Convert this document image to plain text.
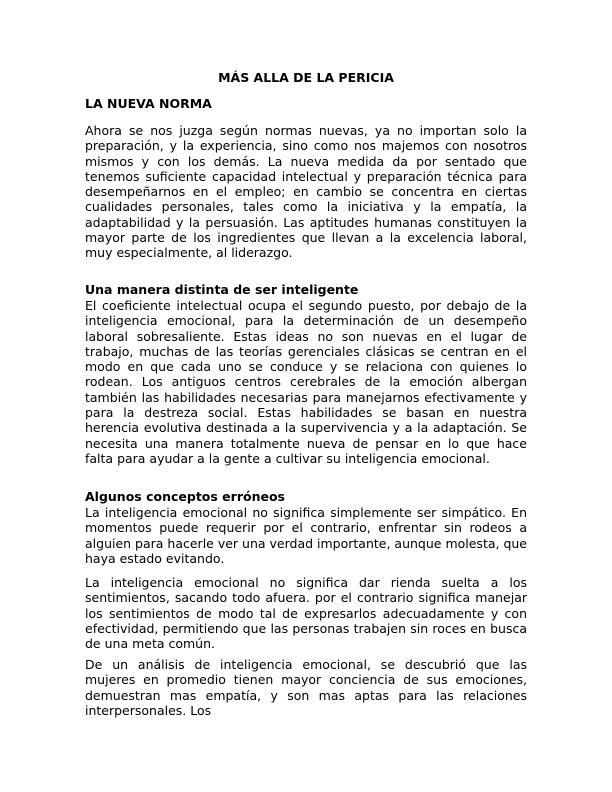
MÁS ALLA DE LA PERICIA
LA NUEVA NORMA

Ahora se nos juzga según normas nuevas, ya no importan solo la preparación, y la experiencia, sino como nos majemos con nosotros mismos y con los demás. La nueva medida da por sentado que tenemos suficiente capacidad intelectual y preparación técnica para desempeñarnos en el empleo; en cambio se concentra en ciertas cualidades personales, tales como la iniciativa y la empatía, la adaptabilidad y la persuasión. Las aptitudes humanas constituyen la mayor parte de los ingredientes que llevan a la excelencia laboral, muy especialmente, al liderazgo.

Una manera distinta de ser inteligente

El coeficiente intelectual ocupa el segundo puesto, por debajo de la inteligencia emocional, para la determinación de un desempeño laboral sobresaliente. Estas ideas no son nuevas en el lugar de trabajo, muchas de las teorías gerenciales clásicas se centran en el modo en que cada uno se conduce y se relaciona con quienes lo rodean. Los antiguos centros cerebrales de la emoción albergan también las habilidades necesarias para manejarnos efectivamente y para la destreza social. Estas habilidades se basan en nuestra herencia evolutiva destinada a la supervivencia y a la adaptación. Se necesita una manera totalmente nueva de pensar en lo que hace falta para ayudar a la gente a cultivar su inteligencia emocional.

Algunos conceptos erróneos

La inteligencia emocional no significa simplemente ser simpático. En momentos puede requerir por el contrario, enfrentar sin rodeos a alguien para hacerle ver una verdad importante, aunque molesta, que haya estado evitando.

La inteligencia emocional no significa dar rienda suelta a los sentimientos, sacando todo afuera. por el contrario significa manejar los sentimientos de modo tal de expresarlos adecuadamente y con efectividad, permitiendo que las personas trabajen sin roces en busca de una meta común.

De un análisis de inteligencia emocional, se descubrió que las mujeres en promedio tienen mayor conciencia de sus emociones, demuestran mas empatía, y son mas aptas para las relaciones interpersonales. Los
